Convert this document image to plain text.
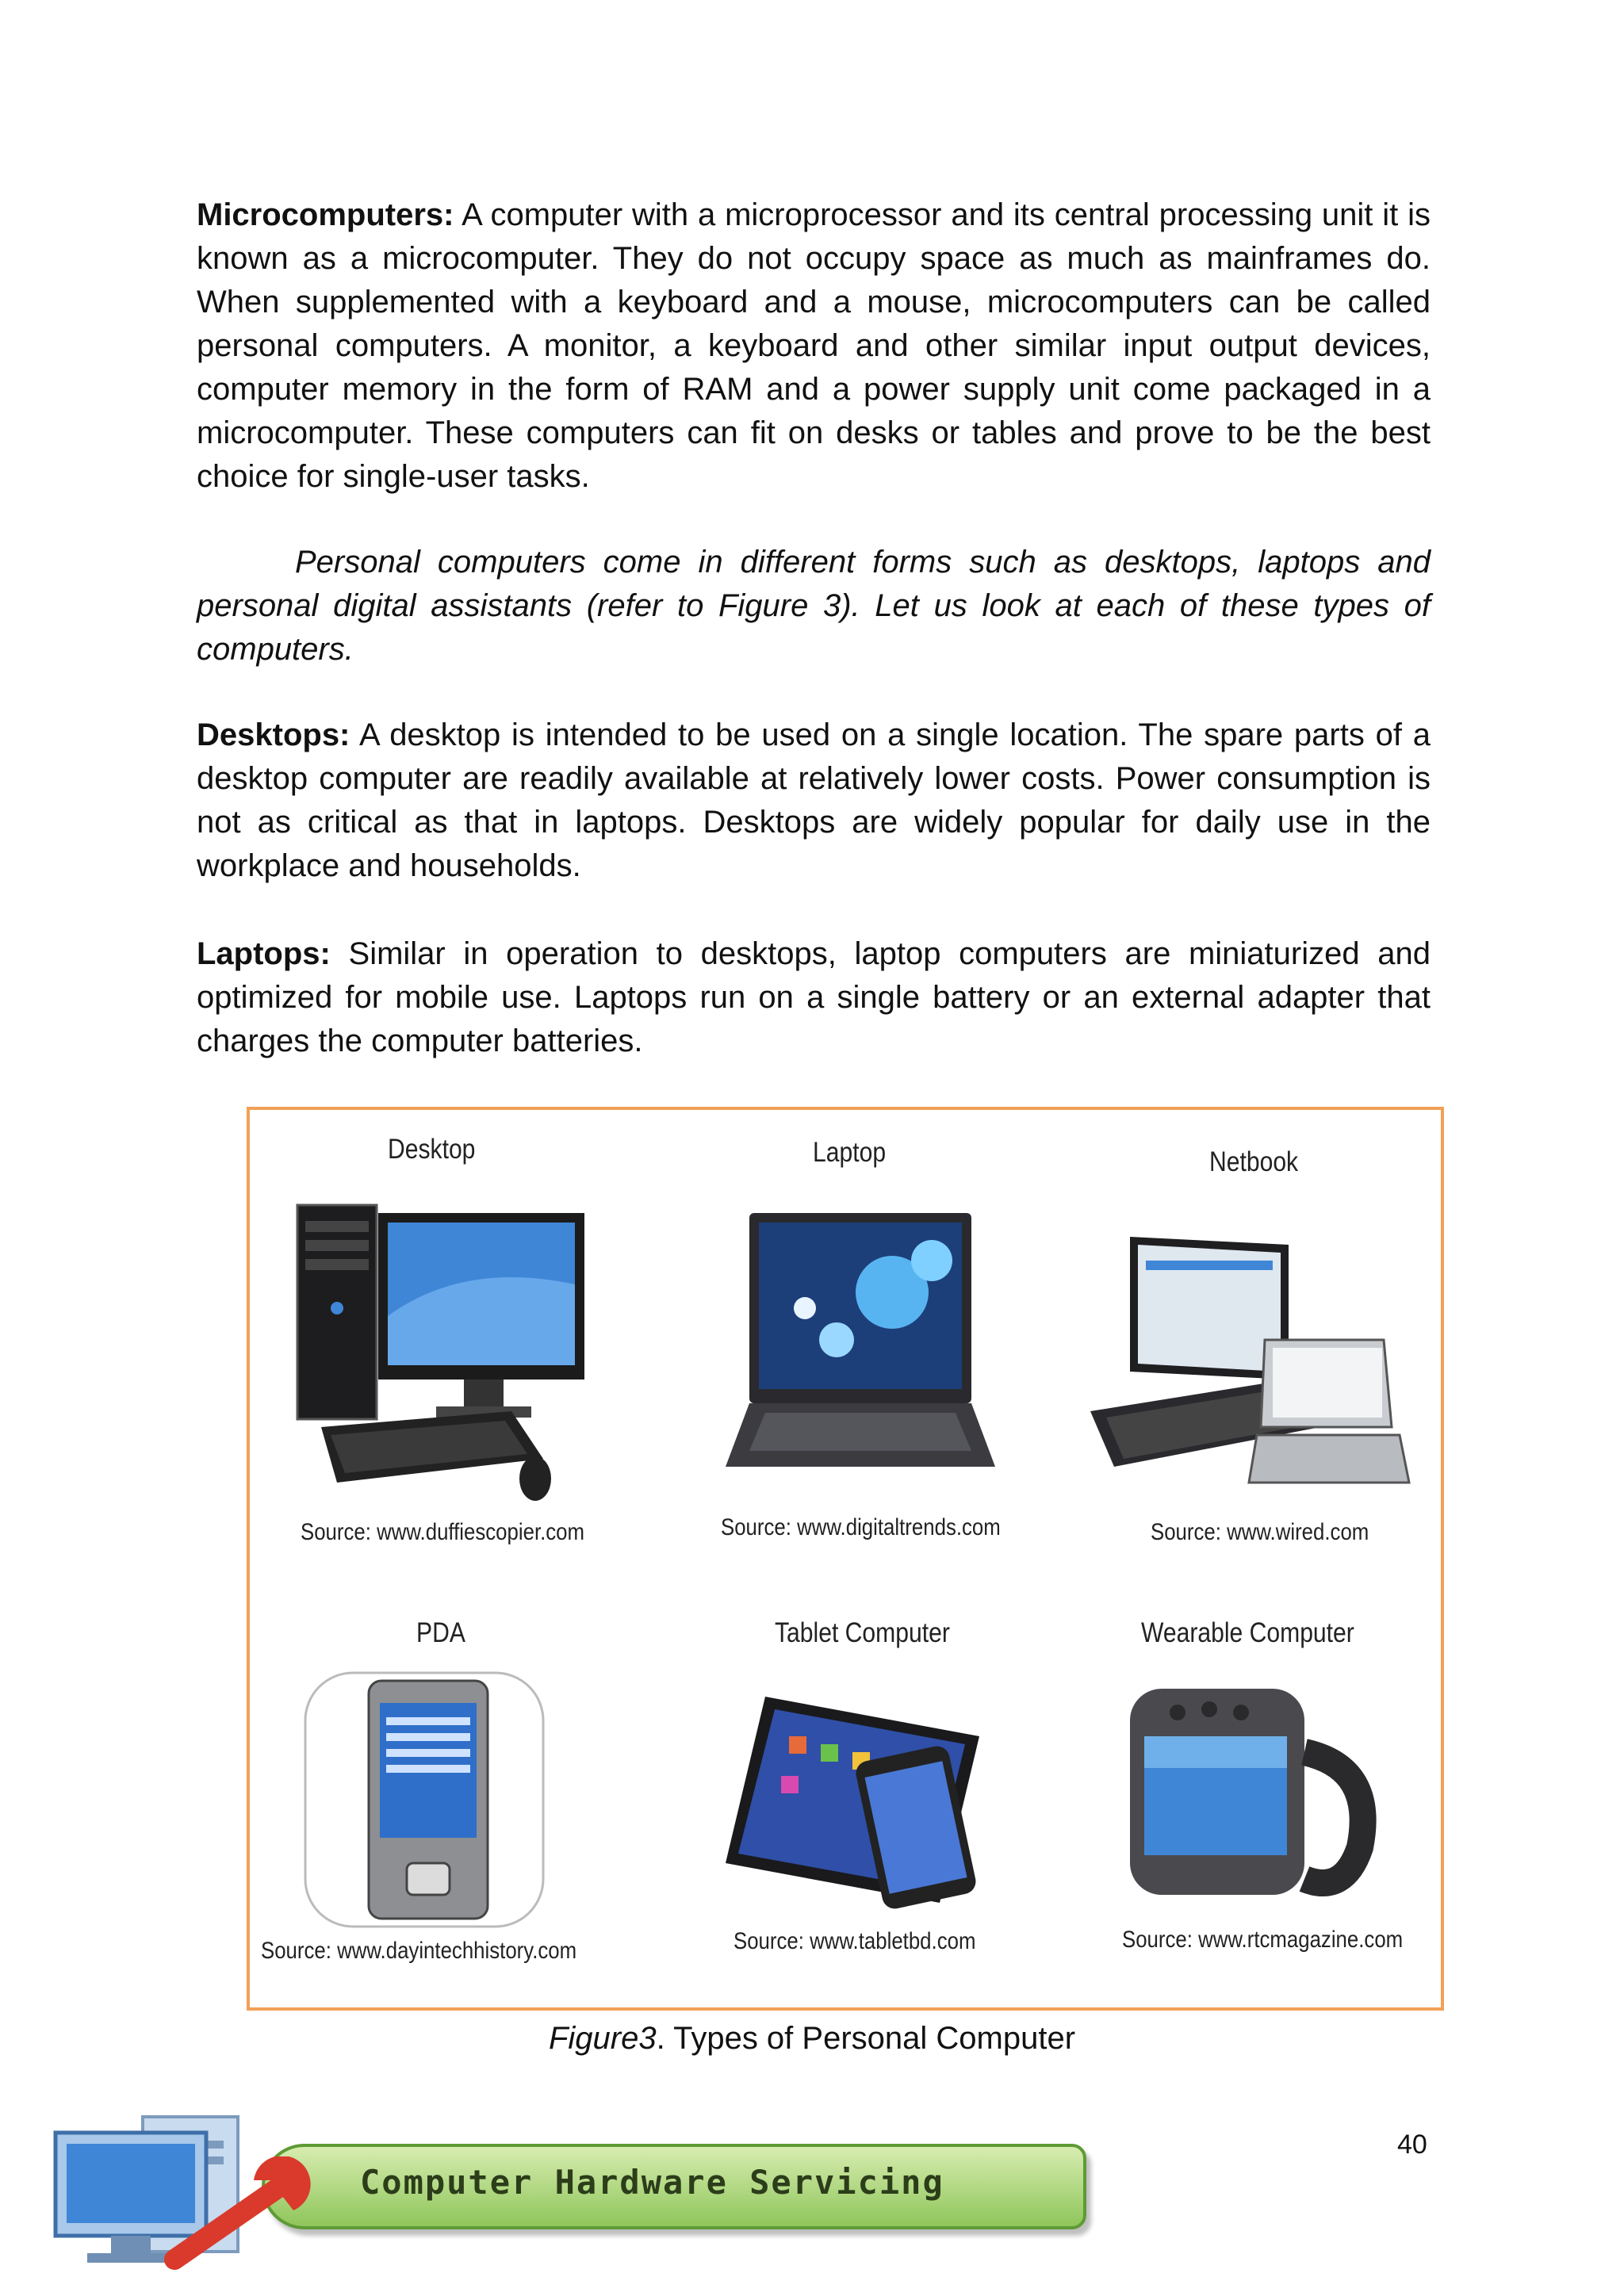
Microcomputers: A computer with a microprocessor and its central processing unit it is known as a microcomputer. They do not occupy space as much as mainframes do. When supplemented with a keyboard and a mouse, microcomputers can be called personal computers. A monitor, a keyboard and other similar input output devices, computer memory in the form of RAM and a power supply unit come packaged in a microcomputer. These computers can fit on desks or tables and prove to be the best choice for single-user tasks.

Personal computers come in different forms such as desktops, laptops and personal digital assistants (refer to Figure 3). Let us look at each of these types of computers.

Desktops: A desktop is intended to be used on a single location. The spare parts of a desktop computer are readily available at relatively lower costs. Power consumption is not as critical as that in laptops. Desktops are widely popular for daily use in the workplace and households.

Laptops: Similar in operation to desktops, laptop computers are miniaturized and optimized for mobile use. Laptops run on a single battery or an external adapter that charges the computer batteries.

Desktop
Source: www.duffiescopier.com
Laptop
Source: www.digitaltrends.com
Netbook
Source: www.wired.com
PDA
Source: www.dayintechhistory.com
Tablet Computer
Source: www.tabletbd.com
Wearable Computer
Source: www.rtcmagazine.com
Figure3. Types of Personal Computer
40
Computer Hardware Servicing
